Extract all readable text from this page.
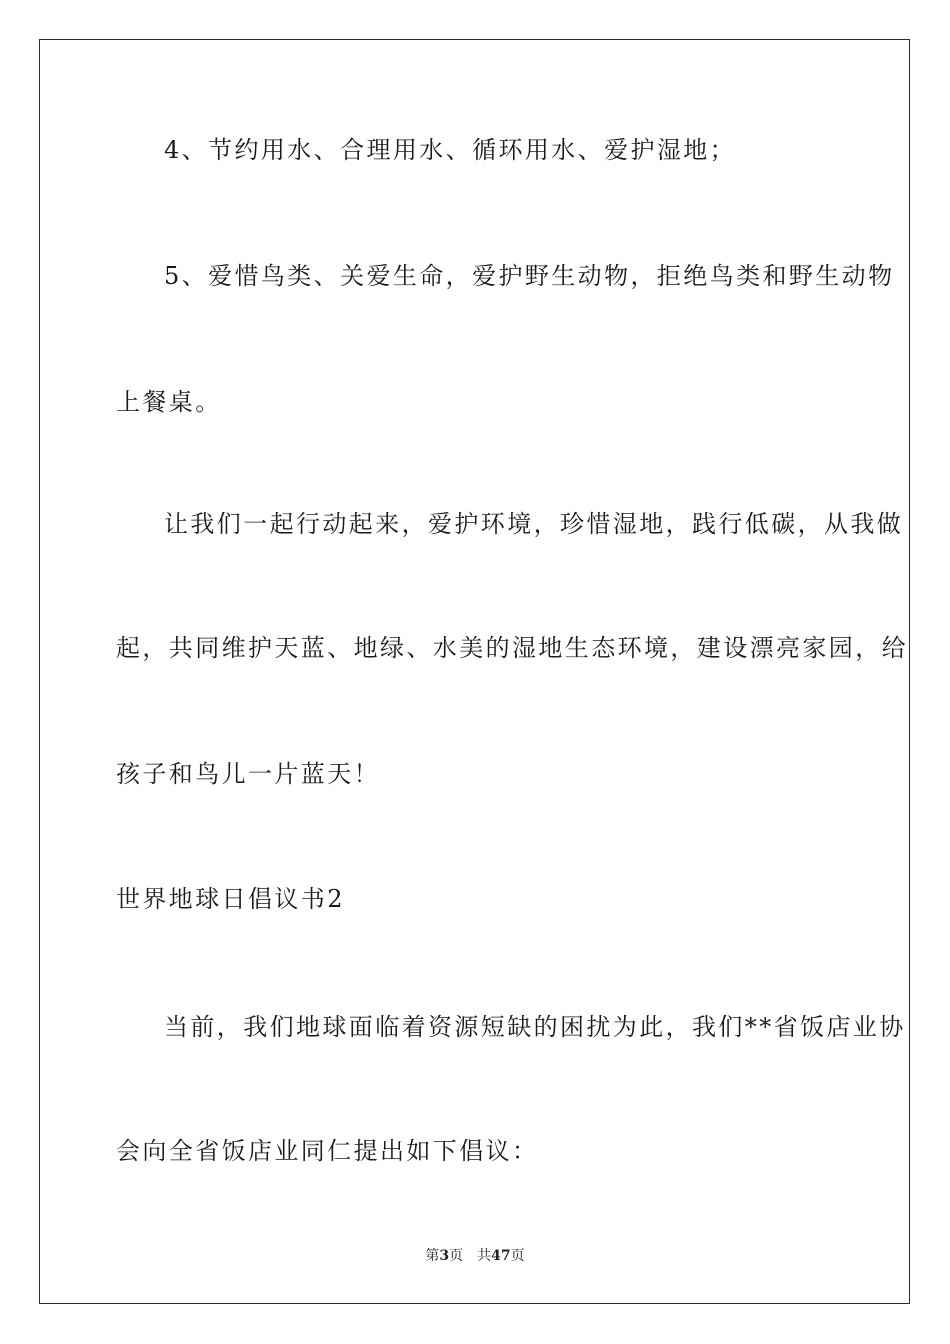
4、节约用水、合理用水、循环用水、爱护湿地；
5、爱惜鸟类、关爱生命，爱护野生动物，拒绝鸟类和野生动物
上餐桌。
让我们一起行动起来，爱护环境，珍惜湿地，践行低碳，从我做
起，共同维护天蓝、地绿、水美的湿地生态环境，建设漂亮家园，给
孩子和鸟儿一片蓝天！
世界地球日倡议书2
当前，我们地球面临着资源短缺的困扰为此，我们**省饭店业协
会向全省饭店业同仁提出如下倡议：
第3页 共47页
